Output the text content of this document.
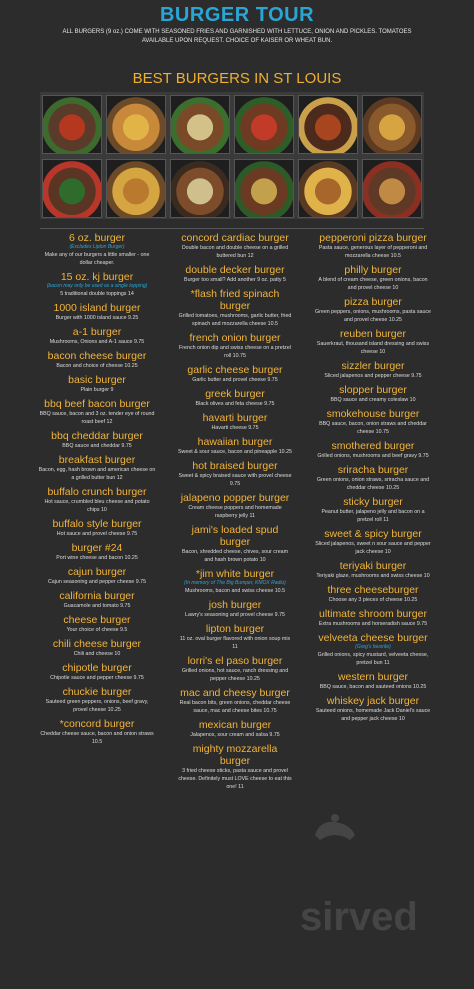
BURGER TOUR
ALL BURGERS (9 oz.) COME WITH SEASONED FRIES AND GARNISHED WITH LETTUCE, ONION AND PICKLES. TOMATOES AVAILABLE UPON REQUEST. CHOICE OF KAISER OR WHEAT BUN.
BEST BURGERS IN ST LOUIS
6 oz. burger
(Excludes Lipton Burger)
Make any of our burgers a little smaller - one dollar cheaper.
15 oz. kj burger
(bacon may only be used as a single topping)
5 traditional double toppings 14
1000 island burger
Burger with 1000 island sauce 9.25
a-1 burger
Mushrooms, Onions and A-1 sauce 9.75
bacon cheese burger
Bacon and choice of cheese 10.25
basic burger
Plain burger 9
bbq beef bacon burger
BBQ sauce, bacon and 3 oz. tender eye of round roast beef 12
bbq cheddar burger
BBQ sauce and cheddar 9.75
breakfast burger
Bacon, egg, hash brown and american cheese on a grilled butter bun 12
buffalo crunch burger
Hot sauce, crumbled bleu cheese and potato chips 10
buffalo style burger
Hot sauce and provel cheese 9.75
burger #24
Port wine cheese and bacon 10.25
cajun burger
Cajun seasoning and pepper cheese 9.75
california burger
Guacamole and tomato 9.75
cheese burger
Your choice of cheese 9.5
chili cheese burger
Chili and cheese 10
chipotle burger
Chipotle sauce and pepper cheese 9.75
chuckie burger
Sauteed green peppers, onions, beef gravy, provel cheese 10.25
*concord burger
Cheddar cheese sauce, bacon and onion straws 10.5
concord cardiac burger
Double bacon and double cheese on a grilled buttered bun 12
double decker burger
Burger too small? Add another 9 oz. patty 5
*flash fried spinach burger
Grilled tomatoes, mushrooms, garlic butter, fried spinach and mozzarella cheese 10.5
french onion burger
French onion dip and swiss cheese on a pretzel roll 10.75
garlic cheese burger
Garlic butter and provel cheese 9.75
greek burger
Black olives and feta cheese 9.75
havarti burger
Havarti cheese 9.75
hawaiian burger
Sweet & sour sauce, bacon and pineapple 10.25
hot braised burger
Sweet & spicy braised sauce with provel cheese 9.75
jalapeno popper burger
Cream cheese poppers and homemade raspberry jelly 11
jami's loaded spud burger
Bacon, shredded cheese, chives, sour cream and hash brown potato 10
*jim white burger
(In memory of The Big Bumper, KMOX Radio)
Mushrooms, bacon and swiss cheese 10.5
josh burger
Lawry's seasoning and provel cheese 9.75
lipton burger
11 oz. oval burger flavored with onion soup mix 11
lorri's el paso burger
Grilled onions, hot sauce, ranch dressing and pepper cheese 10.25
mac and cheesy burger
Real bacon bits, green onions, cheddar cheese sauce, mac and cheese bites 10.75
mexican burger
Jalapenos, sour cream and salsa 9.75
mighty mozzarella burger
3 fried cheese sticks, pasta sauce and provel cheese. Definitely must LOVE cheese to eat this one! 11
pepperoni pizza burger
Pasta sauce, generous layer of pepperoni and mozzarella cheese 10.5
philly burger
A blend of cream cheese, green onions, bacon and provel cheese 10
pizza burger
Green peppers, onions, mushrooms, pasta sauce and provel cheese 10.25
reuben burger
Sauerkraut, thousand island dressing and swiss cheese 10
sizzler burger
Sliced jalapenos and pepper cheese 9.75
slopper burger
BBQ sauce and creamy coleslaw 10
smokehouse burger
BBQ sauce, bacon, onion straws and cheddar cheese 10.75
smothered burger
Grilled onions, mushrooms and beef gravy 9.75
sriracha burger
Green onions, onion straws, sriracha sauce and cheddar cheese 10.25
sticky burger
Peanut butter, jalapeno jelly and bacon on a pretzel roll 11
sweet & spicy burger
Sliced jalapenos, sweet n sour sauce and pepper jack cheese 10
teriyaki burger
Teriyaki glaze, mushrooms and swiss cheese 10
three cheeseburger
Choose any 3 pieces of cheese 10.25
ultimate shroom burger
Extra mushrooms and horseradish sauce 9.75
velveeta cheese burger
(Greg's favorite)
Grilled onions, spicy mustard, velveeta cheese, pretzel bun 11
western burger
BBQ sauce, bacon and sauteed onions 10.25
whiskey jack burger
Sauteed onions, homemade Jack Daniel's sauce and pepper jack cheese 10
sirved
